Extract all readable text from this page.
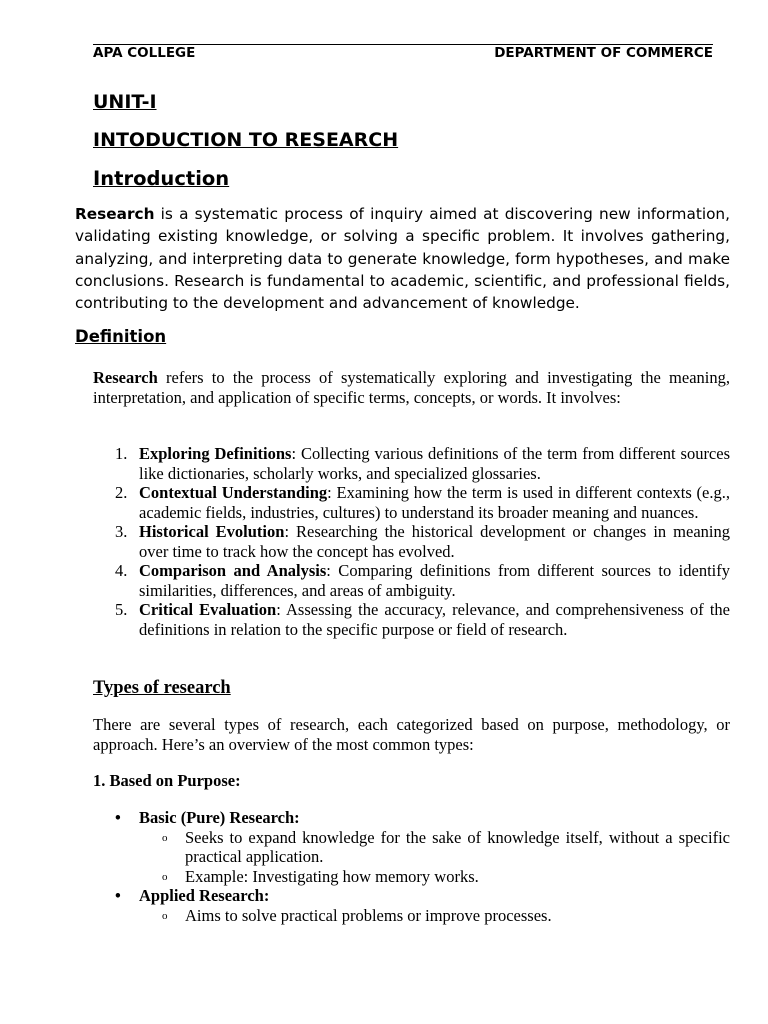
APA COLLEGE	DEPARTMENT OF COMMERCE
UNIT-I
INTODUCTION TO RESEARCH
Introduction
Research is a systematic process of inquiry aimed at discovering new information, validating existing knowledge, or solving a specific problem. It involves gathering, analyzing, and interpreting data to generate knowledge, form hypotheses, and make conclusions. Research is fundamental to academic, scientific, and professional fields, contributing to the development and advancement of knowledge.
Definition
Research refers to the process of systematically exploring and investigating the meaning, interpretation, and application of specific terms, concepts, or words. It involves:
1. Exploring Definitions: Collecting various definitions of the term from different sources like dictionaries, scholarly works, and specialized glossaries.
2. Contextual Understanding: Examining how the term is used in different contexts (e.g., academic fields, industries, cultures) to understand its broader meaning and nuances.
3. Historical Evolution: Researching the historical development or changes in meaning over time to track how the concept has evolved.
4. Comparison and Analysis: Comparing definitions from different sources to identify similarities, differences, and areas of ambiguity.
5. Critical Evaluation: Assessing the accuracy, relevance, and comprehensiveness of the definitions in relation to the specific purpose or field of research.
Types of research
There are several types of research, each categorized based on purpose, methodology, or approach. Here’s an overview of the most common types:
1. Based on Purpose:
• Basic (Pure) Research:
o Seeks to expand knowledge for the sake of knowledge itself, without a specific practical application.
o Example: Investigating how memory works.
• Applied Research:
o Aims to solve practical problems or improve processes.
